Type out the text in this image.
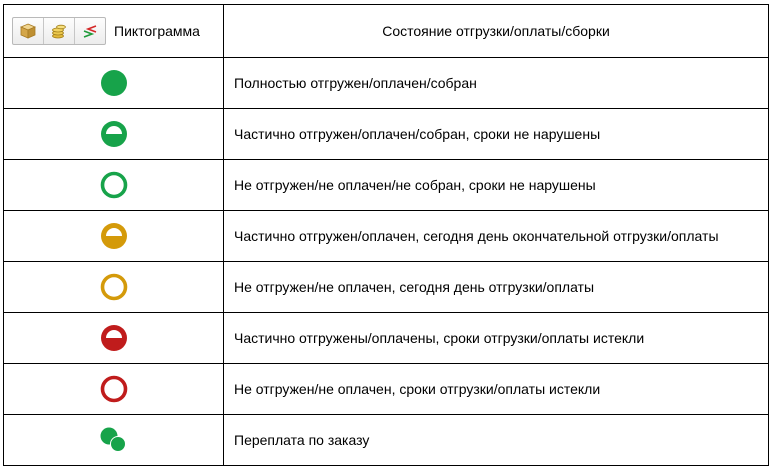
Пиктограмма	Состояние отгрузки/оплаты/сборки

	Полностью отгружен/оплачен/собран

	Частично отгружен/оплачен/собран, сроки не нарушены

	Не отгружен/не оплачен/не собран, сроки не нарушены

	Частично отгружен/оплачен, сегодня день окончательной отгрузки/оплаты

	Не отгружен/не оплачен, сегодня день отгрузки/оплаты

	Частично отгружены/оплачены, сроки отгрузки/оплаты истекли

	Не отгружен/не оплачен, сроки отгрузки/оплаты истекли

	Переплата по заказу
